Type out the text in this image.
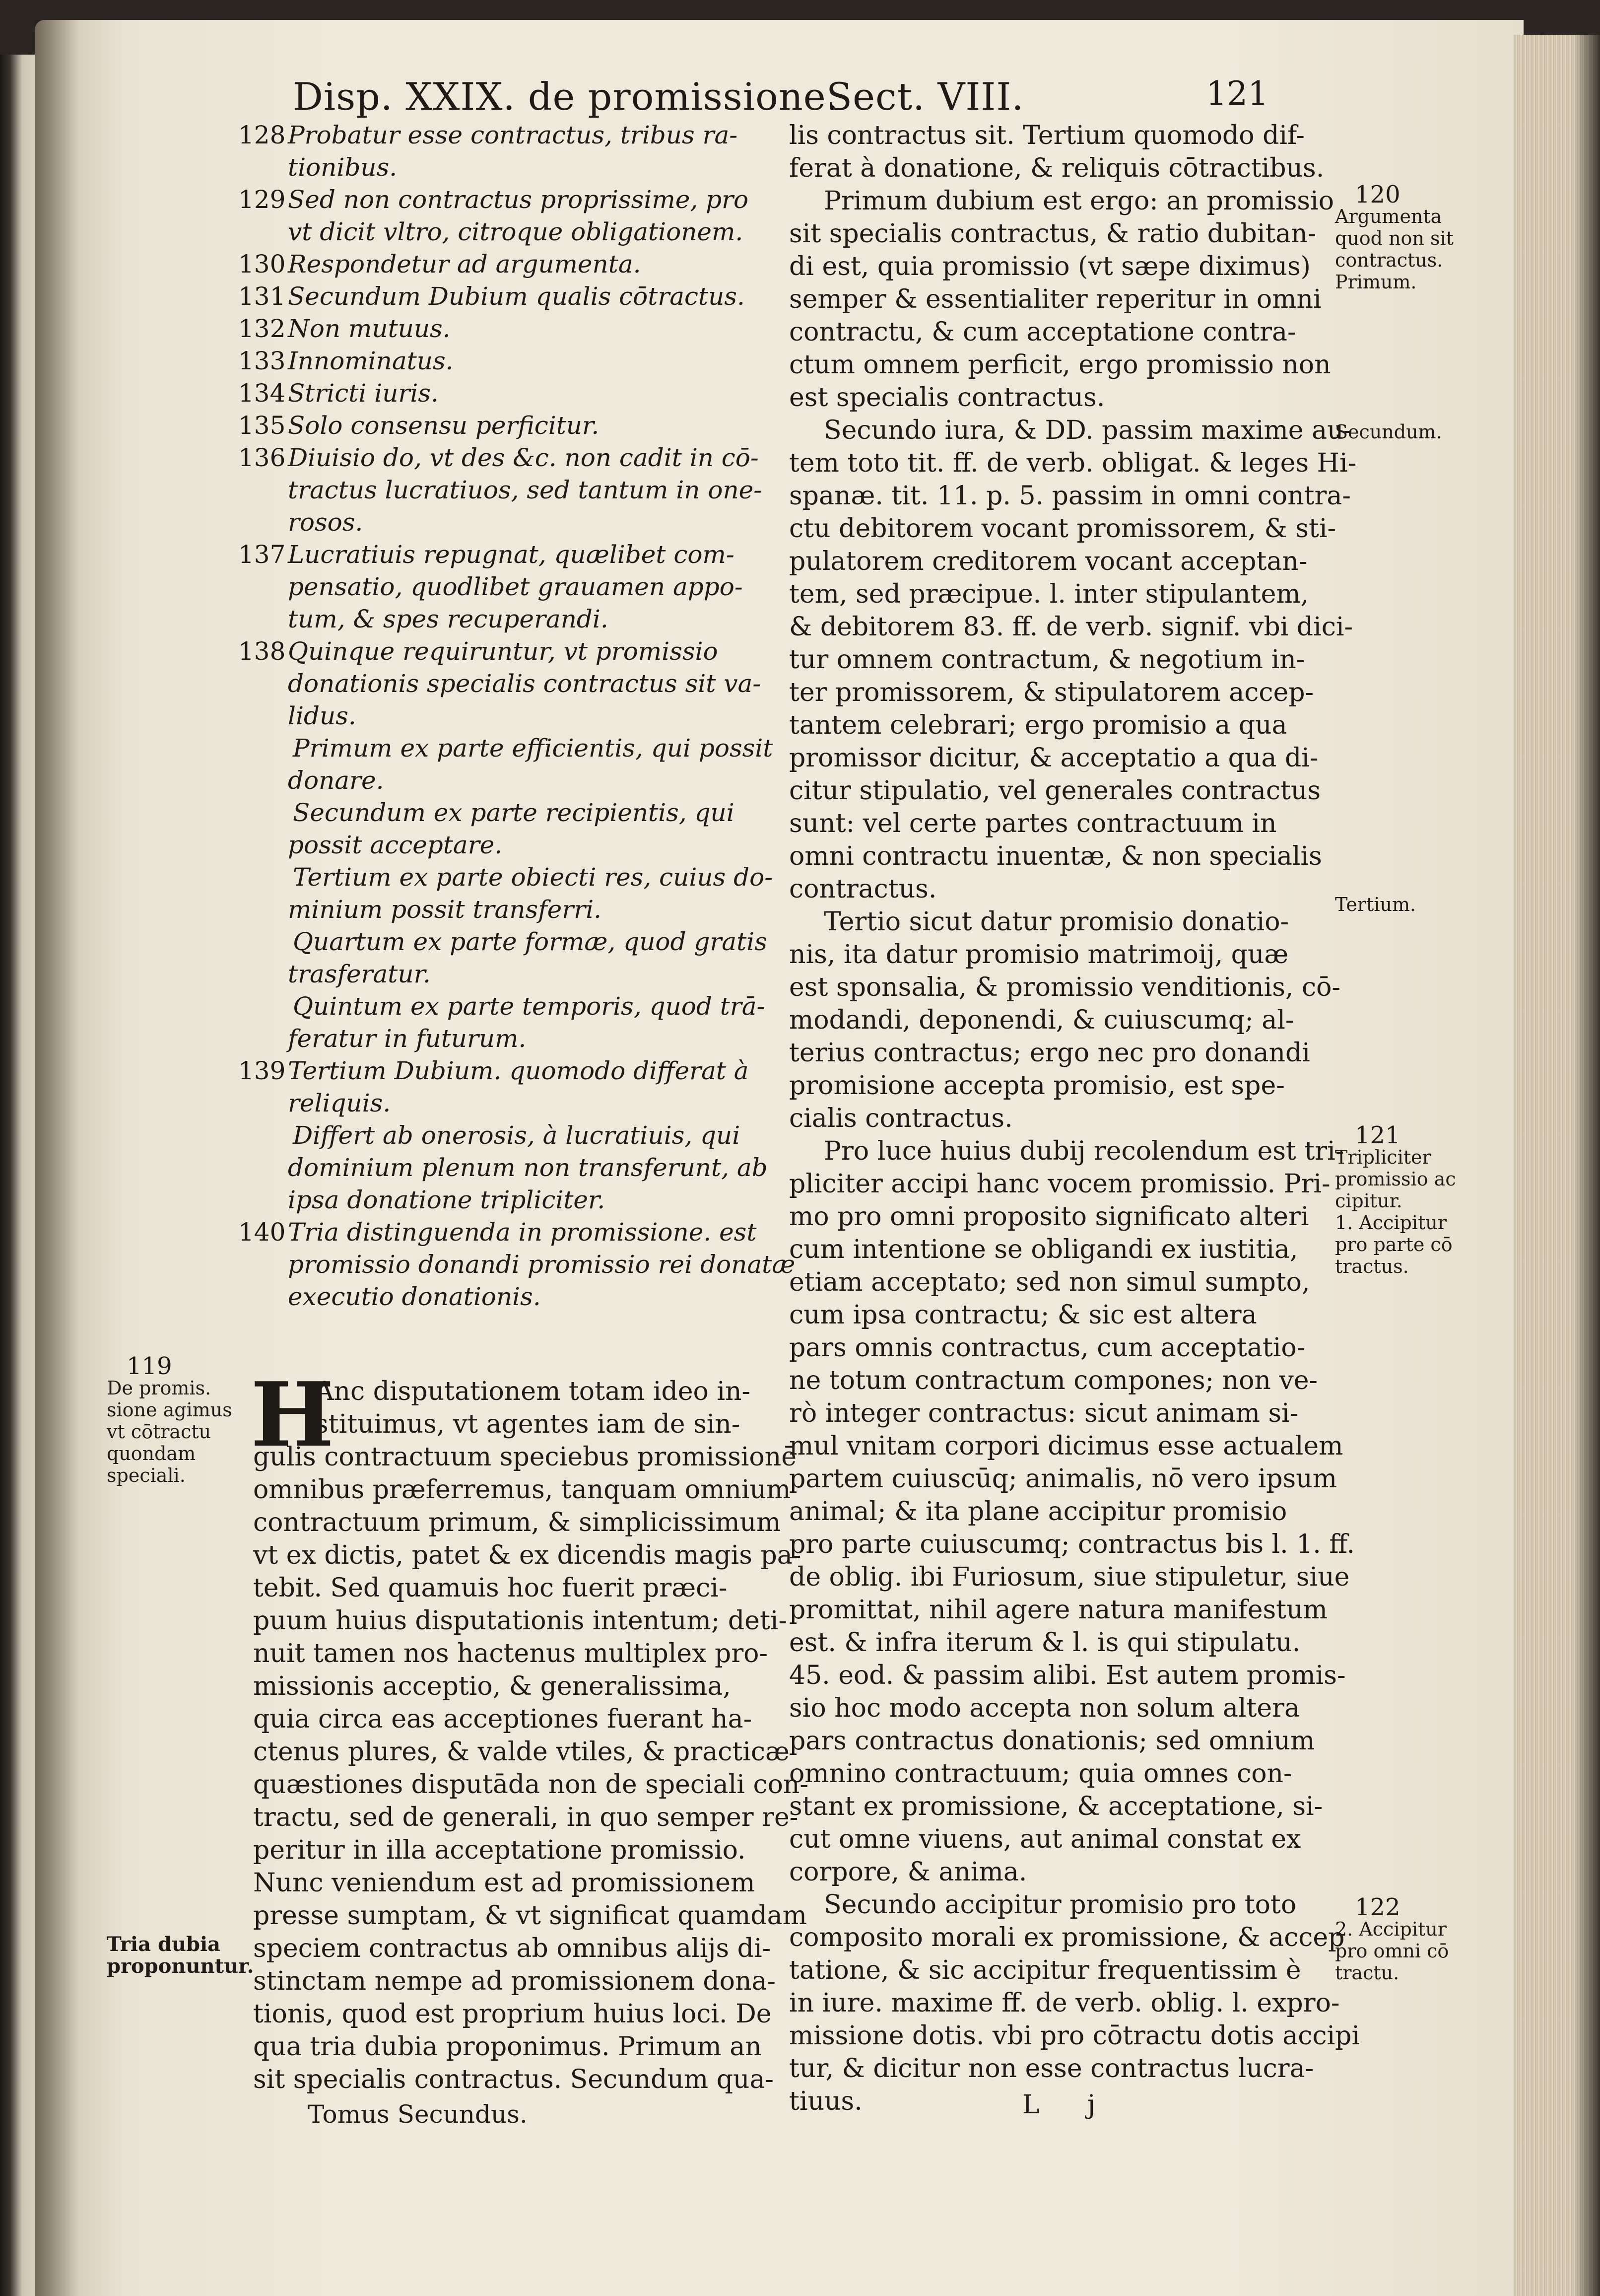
Disp. XXIX. de promissione.
Sect. VIII.	121
128Probatur esse contractus, tribus ra-
tionibus.
129Sed non contractus proprissime, pro
vt dicit vltro, citroque obligationem.
130Respondetur ad argumenta.
131Secundum Dubium qualis cōtractus.
132Non mutuus.
133Innominatus.
134Stricti iuris.
135Solo consensu perficitur.
136Diuisio do, vt des &c. non cadit in cō-
tractus lucratiuos, sed tantum in one-
rosos.
137Lucratiuis repugnat, quælibet com-
pensatio, quodlibet grauamen appo-
tum, & spes recuperandi.
138Quinque requiruntur, vt promissio
donationis specialis contractus sit va-
lidus.
Primum ex parte efficientis, qui possit
donare.
Secundum ex parte recipientis, qui
possit acceptare.
Tertium ex parte obiecti res, cuius do-
minium possit transferri.
Quartum ex parte formæ, quod gratis
trasferatur.
Quintum ex parte temporis, quod trā-
feratur in futurum.
139Tertium Dubium. quomodo differat à
reliquis.
Differt ab onerosis, à lucratiuis, qui
dominium plenum non transferunt, ab
ipsa donatione tripliciter.
140Tria distinguenda in promissione. est
promissio donandi promissio rei donatæ
executio donationis.
H
Anc disputationem totam ideo in-
stituimus, vt agentes iam de sin-
gulis contractuum speciebus promissionē
omnibus præferremus, tanquam omnium
contractuum primum, & simplicissimum
vt ex dictis, patet & ex dicendis magis pa-
tebit. Sed quamuis hoc fuerit præci-
puum huius disputationis intentum; deti-
nuit tamen nos hactenus multiplex pro-
missionis acceptio, & generalissima,
quia circa eas acceptiones fuerant ha-
ctenus plures, & valde vtiles, & practicæ
quæstiones disputāda non de speciali con-
tractu, sed de generali, in quo semper re-
peritur in illa acceptatione promissio.
Nunc veniendum est ad promissionem
presse sumptam, & vt significat quamdam
speciem contractus ab omnibus alijs di-
stinctam nempe ad promissionem dona-
tionis, quod est proprium huius loci. De
qua tria dubia proponimus. Primum an
sit specialis contractus. Secundum qua-
lis contractus sit. Tertium quomodo dif-
ferat à donatione, & reliquis cōtractibus.
Primum dubium est ergo: an promissio
sit specialis contractus, & ratio dubitan-
di est, quia promissio (vt sæpe diximus)
semper & essentialiter reperitur in omni
contractu, & cum acceptatione contra-
ctum omnem perficit, ergo promissio non
est specialis contractus.
Secundo iura, & DD. passim maxime au-
tem toto tit. ff. de verb. obligat. & leges Hi-
spanæ. tit. 11. p. 5. passim in omni contra-
ctu debitorem vocant promissorem, & sti-
pulatorem creditorem vocant acceptan-
tem, sed præcipue. l. inter stipulantem,
& debitorem 83. ff. de verb. signif. vbi dici-
tur omnem contractum, & negotium in-
ter promissorem, & stipulatorem accep-
tantem celebrari; ergo promisio a qua
promissor dicitur, & acceptatio a qua di-
citur stipulatio, vel generales contractus
sunt: vel certe partes contractuum in
omni contractu inuentæ, & non specialis
contractus.
Tertio sicut datur promisio donatio-
nis, ita datur promisio matrimoij, quæ
est sponsalia, & promissio venditionis, cō-
modandi, deponendi, & cuiuscumq; al-
terius contractus; ergo nec pro donandi
promisione accepta promisio, est spe-
cialis contractus.
Pro luce huius dubij recolendum est tri-
pliciter accipi hanc vocem promissio. Pri-
mo pro omni proposito significato alteri
cum intentione se obligandi ex iustitia,
etiam acceptato; sed non simul sumpto,
cum ipsa contractu; & sic est altera
pars omnis contractus, cum acceptatio-
ne totum contractum compones; non ve-
rò integer contractus: sicut animam si-
mul vnitam corpori dicimus esse actualem
partem cuiuscūq; animalis, nō vero ipsum
animal; & ita plane accipitur promisio
pro parte cuiuscumq; contractus bis l. 1. ff.
de oblig. ibi Furiosum, siue stipuletur, siue
promittat, nihil agere natura manifestum
est. & infra iterum & l. is qui stipulatu.
45. eod. & passim alibi. Est autem promis-
sio hoc modo accepta non solum altera
pars contractus donationis; sed omnium
omnino contractuum; quia omnes con-
stant ex promissione, & acceptatione, si-
cut omne viuens, aut animal constat ex
corpore, & anima.
Secundo accipitur promisio pro toto
composito morali ex promissione, & accep
tatione, & sic accipitur frequentissim è
in iure. maxime ff. de verb. oblig. l. expro-
missione dotis. vbi pro cōtractu dotis accipi
tur, & dicitur non esse contractus lucra-
tiuus.
120
Argumenta
quod non sit
contractus.
Primum.
Secundum.
Tertium.
121
Tripliciter
promissio ac
cipitur.
1. Accipitur
pro parte cō
tractus.
122
2. Accipitur
pro omni cō
tractu.
119
De promis.
sione agimus
vt cōtractu
quondam
speciali.
Tria dubia
proponuntur.
Tomus Secundus.	L j
